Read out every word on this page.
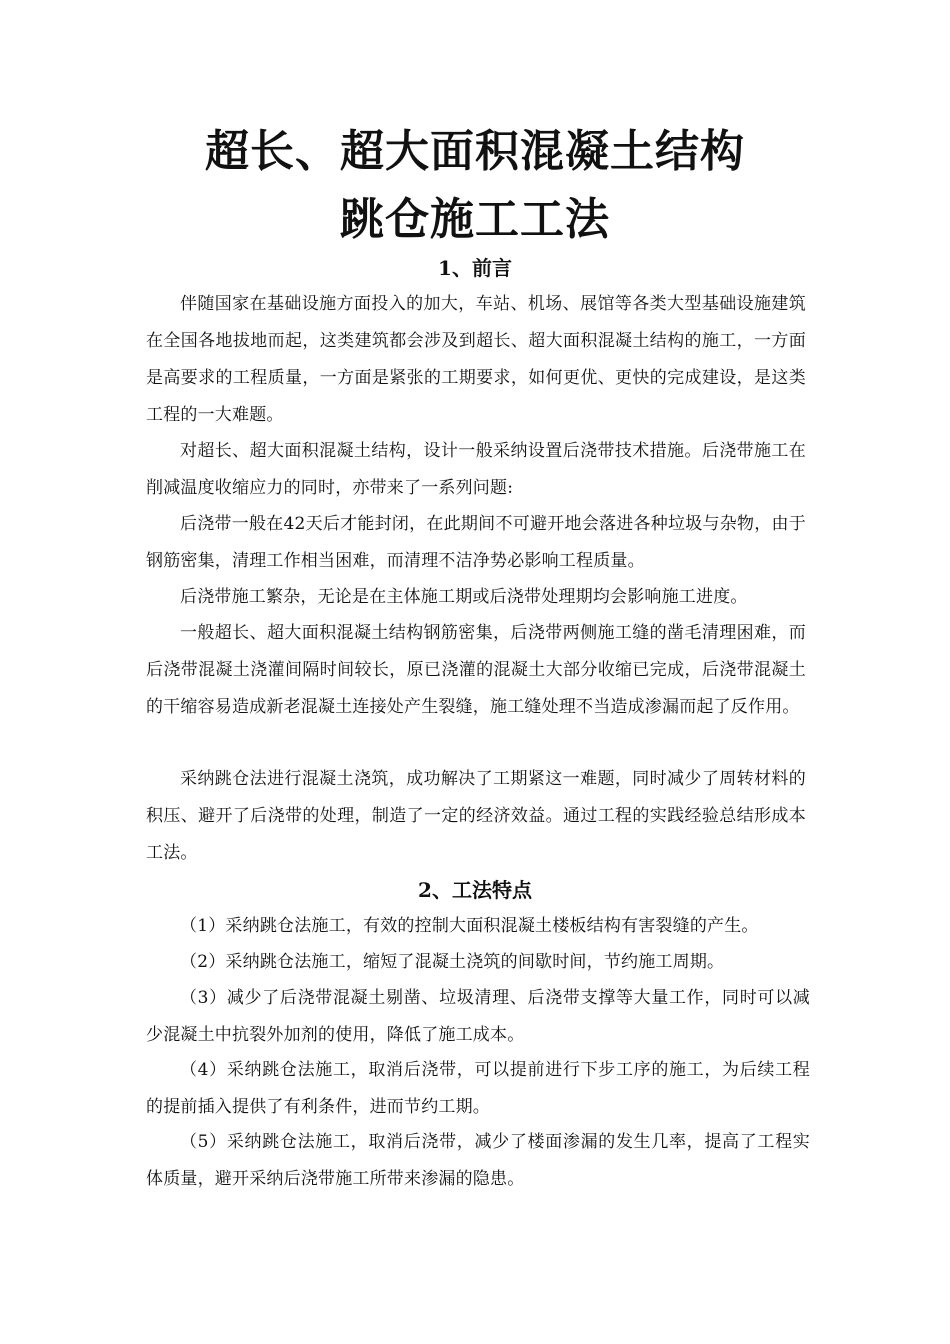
超长、超大面积混凝土结构
跳仓施工工法
1、前言
伴随国家在基础设施方面投入的加大，车站、机场、展馆等各类大型基础设施建筑在全国各地拔地而起，这类建筑都会涉及到超长、超大面积混凝土结构的施工，一方面是高要求的工程质量，一方面是紧张的工期要求，如何更优、更快的完成建设，是这类工程的一大难题。
对超长、超大面积混凝土结构，设计一般采纳设置后浇带技术措施。后浇带施工在削减温度收缩应力的同时，亦带来了一系列问题:
后浇带一般在42天后才能封闭，在此期间不可避开地会落进各种垃圾与杂物，由于钢筋密集，清理工作相当困难，而清理不洁净势必影响工程质量。
后浇带施工繁杂，无论是在主体施工期或后浇带处理期均会影响施工进度。
一般超长、超大面积混凝土结构钢筋密集，后浇带两侧施工缝的凿毛清理困难，而后浇带混凝土浇灌间隔时间较长，原已浇灌的混凝土大部分收缩已完成，后浇带混凝土的干缩容易造成新老混凝土连接处产生裂缝，施工缝处理不当造成渗漏而起了反作用。
采纳跳仓法进行混凝土浇筑，成功解决了工期紧这一难题，同时减少了周转材料的积压、避开了后浇带的处理，制造了一定的经济效益。通过工程的实践经验总结形成本工法。
2、工法特点
（1）采纳跳仓法施工，有效的控制大面积混凝土楼板结构有害裂缝的产生。
（2）采纳跳仓法施工，缩短了混凝土浇筑的间歇时间，节约施工周期。
（3）减少了后浇带混凝土剔凿、垃圾清理、后浇带支撑等大量工作，同时可以减少混凝土中抗裂外加剂的使用，降低了施工成本。
（4）采纳跳仓法施工，取消后浇带，可以提前进行下步工序的施工，为后续工程的提前插入提供了有利条件，进而节约工期。
（5）采纳跳仓法施工，取消后浇带，减少了楼面渗漏的发生几率，提高了工程实体质量，避开采纳后浇带施工所带来渗漏的隐患。
